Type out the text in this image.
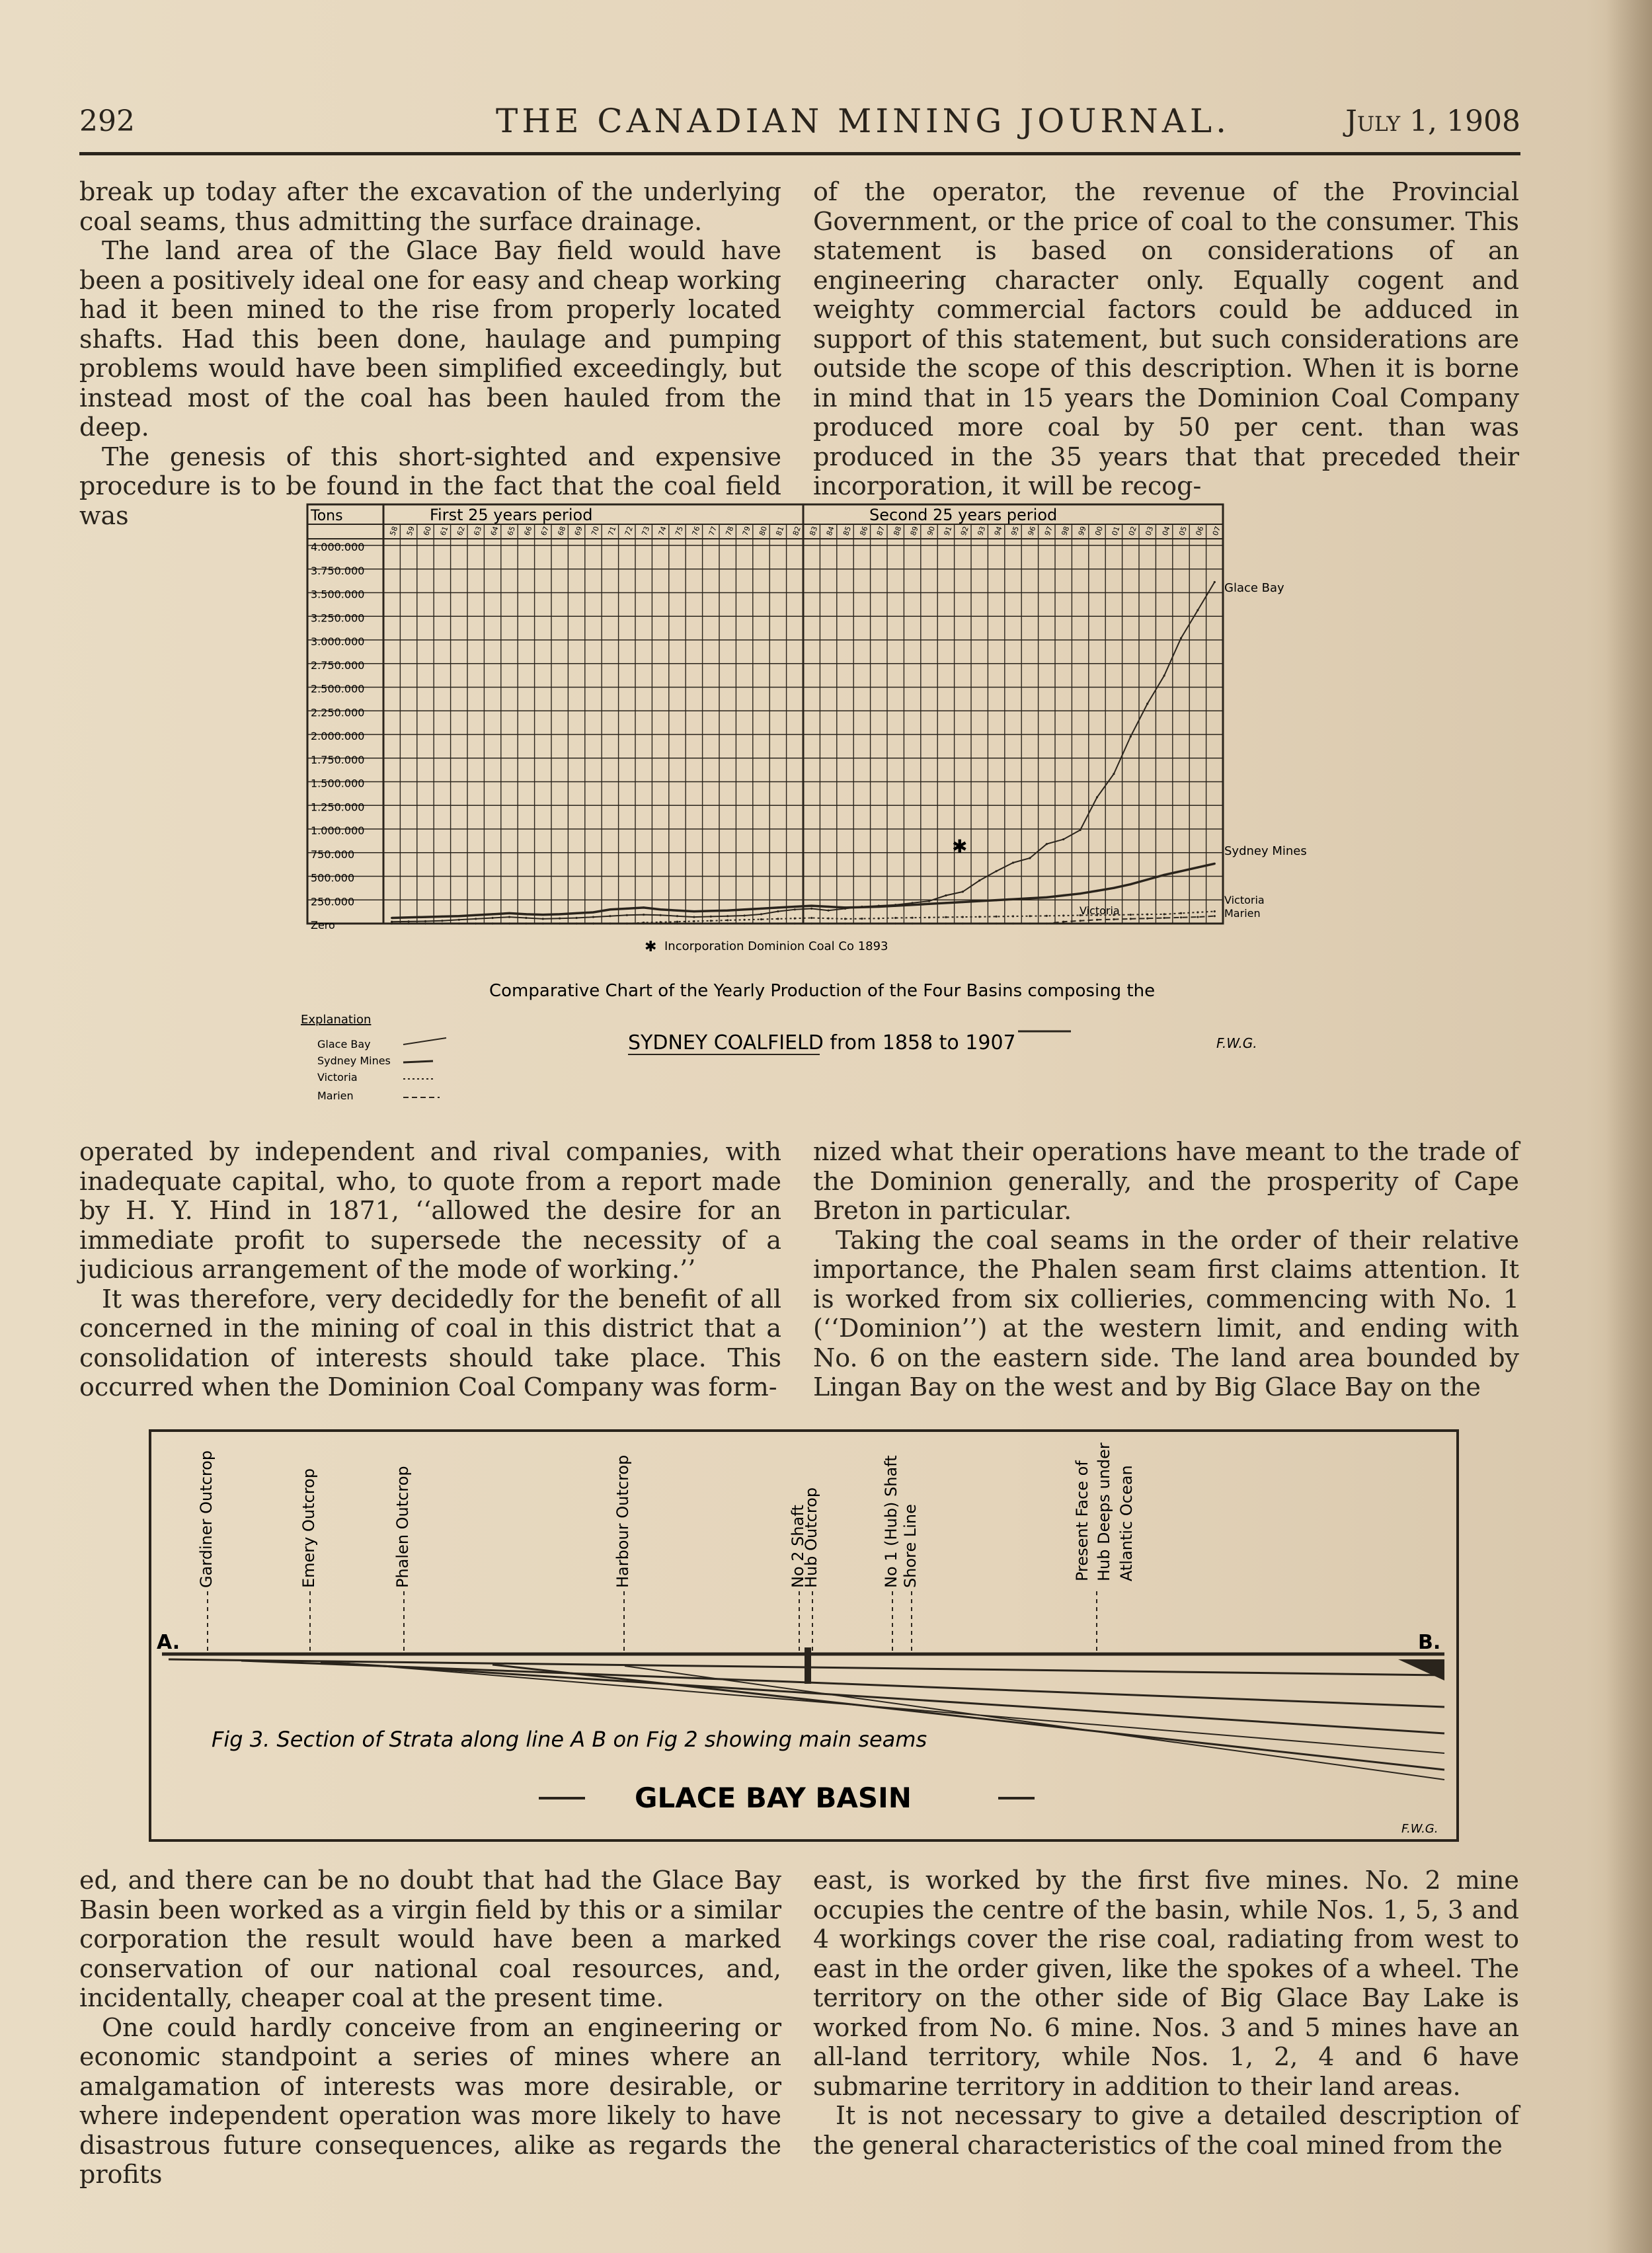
292	THE CANADIAN MINING JOURNAL.	July 1, 1908

break up today after the excavation of the underlying coal seams, thus admitting the surface drainage.

The land area of the Glace Bay field would have been a positively ideal one for easy and cheap working had it been mined to the rise from properly located shafts. Had this been done, haulage and pumping problems would have been simplified exceedingly, but instead most of the coal has been hauled from the deep.

The genesis of this short-sighted and expensive procedure is to be found in the fact that the coal field was

of the operator, the revenue of the Provincial Government, or the price of coal to the consumer. This statement is based on considerations of an engineering character only. Equally cogent and weighty commercial factors could be adduced in support of this statement, but such considerations are outside the scope of this description. When it is borne in mind that in 15 years the Dominion Coal Company produced more coal by 50 per cent. than was produced in the 35 years that that preceded their incorporation, it will be recog-

Tons	First 25 years period	Second 25 years period
4.000.000
3.750.000
3.500.000
3.250.000
3.000.000
2.750.000
2.500.000
2.250.000
2.000.000
1.750.000
1.500.000
1.250.000
1.000.000
750.000
500.000
250.000
Zero
58 59 60 61 62 63 64 65 66 67 68 69 70 71 72 73 74 75 76 77 78 79 80 81 82 83 84 85 86 87 88 89 90 91 92 93 94 95 96 97 98 99 00 01 02 03 04 05 06 07
Glace Bay
Sydney Mines
Victoria
Marien
Victoria
✱
✱ Incorporation Dominion Coal Co 1893
Comparative Chart of the Yearly Production of the Four Basins composing the
SYDNEY COALFIELD from 1858 to 1907	F.W.G.
Explanation
Glace Bay
Sydney Mines
Victoria
Marien

operated by independent and rival companies, with inadequate capital, who, to quote from a report made by H. Y. Hind in 1871, ‘‘allowed the desire for an immediate profit to supersede the necessity of a judicious arrangement of the mode of working.’’

It was therefore, very decidedly for the benefit of all concerned in the mining of coal in this district that a consolidation of interests should take place. This occurred when the Dominion Coal Company was form-

nized what their operations have meant to the trade of the Dominion generally, and the prosperity of Cape Breton in particular.

Taking the coal seams in the order of their relative importance, the Phalen seam first claims attention. It is worked from six collieries, commencing with No. 1 (‘‘Dominion’’) at the western limit, and ending with No. 6 on the eastern side. The land area bounded by Lingan Bay on the west and by Big Glace Bay on the

Gardiner Outcrop	Emery Outcrop	Phalen Outcrop	Harbour Outcrop	No 2 Shaft
Hub Outcrop	No 1 (Hub) Shaft Shore Line	Present Face of Hub Deeps under Atlantic Ocean
A.	B.
Fig 3. Section of Strata along line A B on Fig 2 showing main seams
GLACE BAY BASIN
F.W.G.

ed, and there can be no doubt that had the Glace Bay Basin been worked as a virgin field by this or a similar corporation the result would have been a marked conservation of our national coal resources, and, incidentally, cheaper coal at the present time.

One could hardly conceive from an engineering or economic standpoint a series of mines where an amalgamation of interests was more desirable, or where independent operation was more likely to have disastrous future consequences, alike as regards the profits

east, is worked by the first five mines. No. 2 mine occupies the centre of the basin, while Nos. 1, 5, 3 and 4 workings cover the rise coal, radiating from west to east in the order given, like the spokes of a wheel. The territory on the other side of Big Glace Bay Lake is worked from No. 6 mine. Nos. 3 and 5 mines have an all-land territory, while Nos. 1, 2, 4 and 6 have submarine territory in addition to their land areas.

It is not necessary to give a detailed description of the general characteristics of the coal mined from the
